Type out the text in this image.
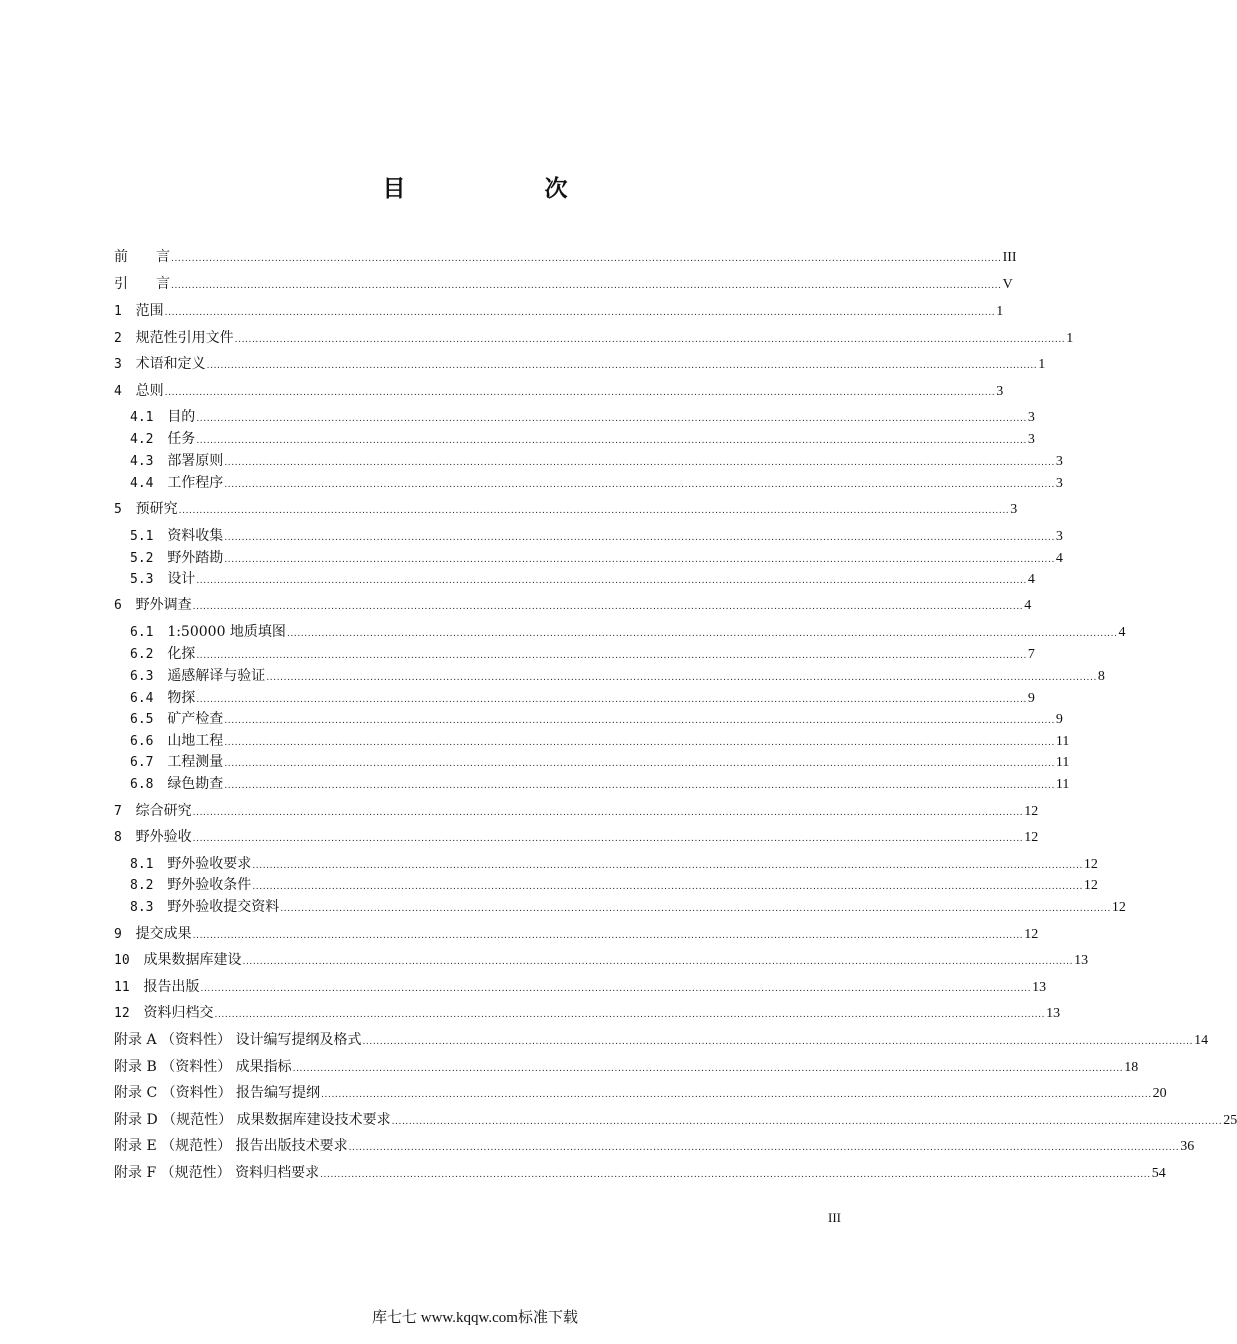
目　次
前　　言 ................................................................................................................................................................................................................................................ III
引　　言 ................................................................................................................................................................................................................................................ V
1 范围 ................................................................................................................................................................................................................................................ 1
2 规范性引用文件 ................................................................................................................................................................................................................................................ 1
3 术语和定义 ................................................................................................................................................................................................................................................ 1
4 总则 ................................................................................................................................................................................................................................................ 3
4.1 目的 ................................................................................................................................................................................................................................................ 3
4.2 任务 ................................................................................................................................................................................................................................................ 3
4.3 部署原则 ................................................................................................................................................................................................................................................ 3
4.4 工作程序 ................................................................................................................................................................................................................................................ 3
5 预研究 ................................................................................................................................................................................................................................................ 3
5.1 资料收集 ................................................................................................................................................................................................................................................ 3
5.2 野外踏勘 ................................................................................................................................................................................................................................................ 4
5.3 设计 ................................................................................................................................................................................................................................................ 4
6 野外调查 ................................................................................................................................................................................................................................................ 4
6.1 1:50000 地质填图 ................................................................................................................................................................................................................................................ 4
6.2 化探 ................................................................................................................................................................................................................................................ 7
6.3 遥感解译与验证 ................................................................................................................................................................................................................................................ 8
6.4 物探 ................................................................................................................................................................................................................................................ 9
6.5 矿产检查 ................................................................................................................................................................................................................................................ 9
6.6 山地工程 ................................................................................................................................................................................................................................................ 11
6.7 工程测量 ................................................................................................................................................................................................................................................ 11
6.8 绿色勘查 ................................................................................................................................................................................................................................................ 11
7 综合研究 ................................................................................................................................................................................................................................................ 12
8 野外验收 ................................................................................................................................................................................................................................................ 12
8.1 野外验收要求 ................................................................................................................................................................................................................................................ 12
8.2 野外验收条件 ................................................................................................................................................................................................................................................ 12
8.3 野外验收提交资料 ................................................................................................................................................................................................................................................ 12
9 提交成果 ................................................................................................................................................................................................................................................ 12
10 成果数据库建设 ................................................................................................................................................................................................................................................ 13
11 报告出版 ................................................................................................................................................................................................................................................ 13
12 资料归档交 ................................................................................................................................................................................................................................................ 13
附录 A （资料性） 设计编写提纲及格式 ................................................................................................................................................................................................................................................ 14
附录 B （资料性） 成果指标 ................................................................................................................................................................................................................................................ 18
附录 C （资料性） 报告编写提纲 ................................................................................................................................................................................................................................................ 20
附录 D （规范性） 成果数据库建设技术要求 ................................................................................................................................................................................................................................................ 25
附录 E （规范性） 报告出版技术要求 ................................................................................................................................................................................................................................................ 36
附录 F （规范性） 资料归档要求 ................................................................................................................................................................................................................................................ 54
III
库七七 www.kqqw.com标准下载
